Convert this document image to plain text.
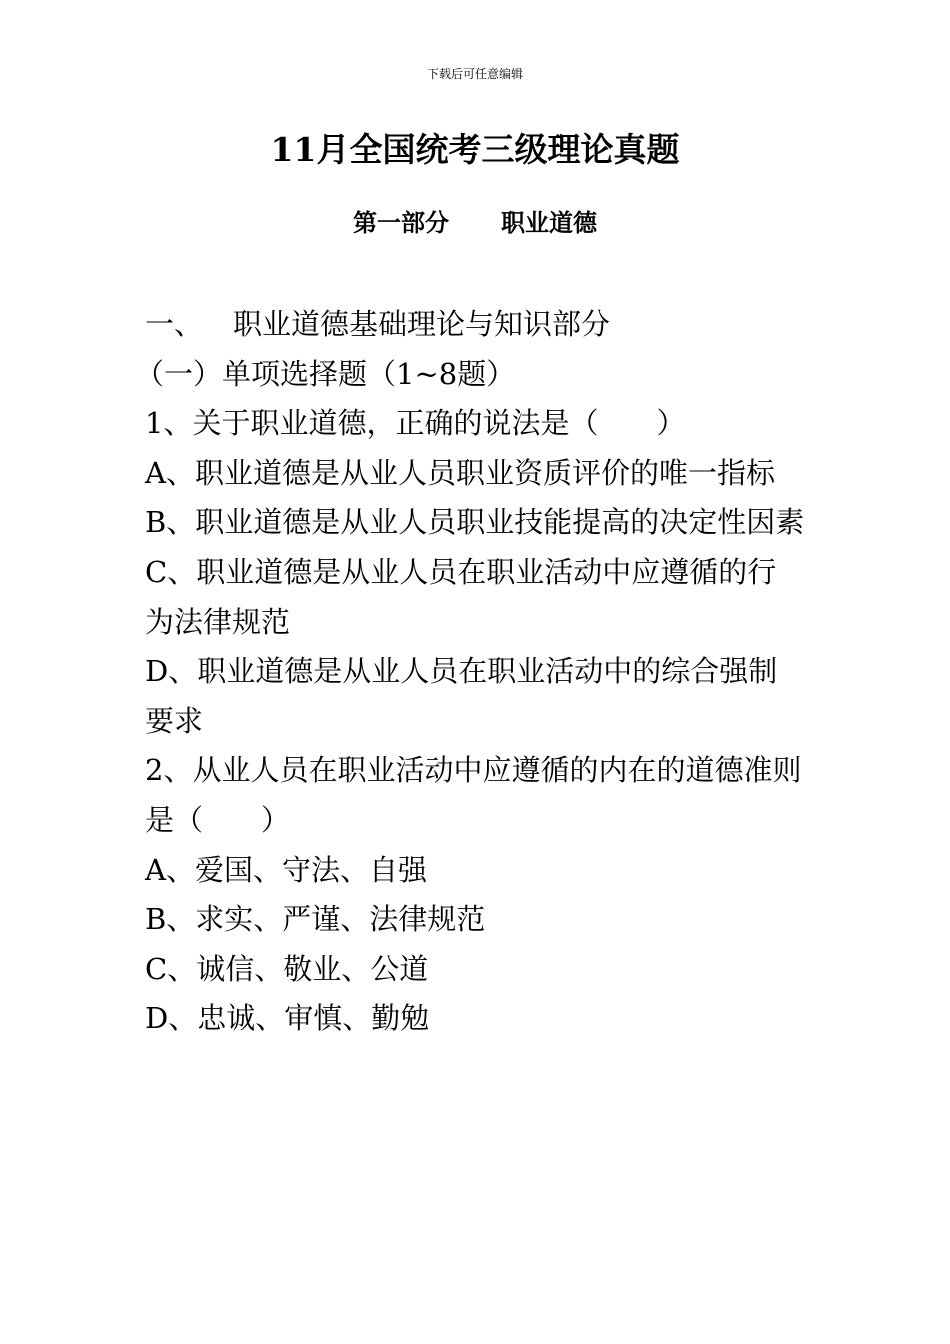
下载后可任意编辑
11月全国统考三级理论真题
第一部分 职业道德

一、 职业道德基础理论与知识部分

（一）单项选择题（1~8题）

1、关于职业道德，正确的说法是（　　）

A、职业道德是从业人员职业资质评价的唯一指标

B、职业道德是从业人员职业技能提高的决定性因素

C、职业道德是从业人员在职业活动中应遵循的行为法律规范

D、职业道德是从业人员在职业活动中的综合强制要求

2、从业人员在职业活动中应遵循的内在的道德准则是（　　）

A、爱国、守法、自强

B、求实、严谨、法律规范

C、诚信、敬业、公道

D、忠诚、审慎、勤勉
